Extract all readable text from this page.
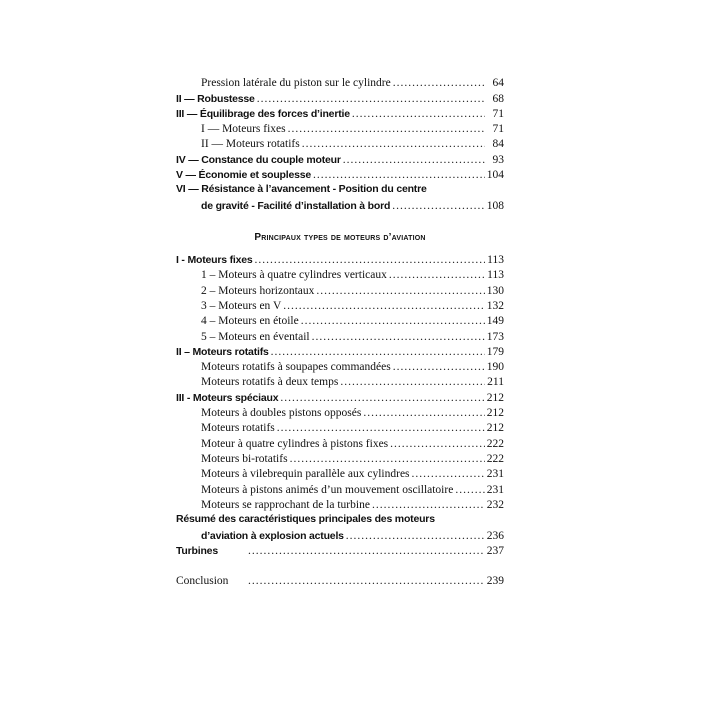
Pression latérale du piston sur le cylindre .....	64
II — Robustesse .....	68
III — Équilibrage des forces d’inertie .....	71
I — Moteurs fixes .....	71
II — Moteurs rotatifs .....	84
IV — Constance du couple moteur .....	93
V — Économie et souplesse .....	104
VI — Résistance à l’avancement - Position du centre
de gravité - Facilité d’installation à bord .....	108
Principaux types de moteurs d’aviation
I - Moteurs fixes .....	113
1 – Moteurs à quatre cylindres verticaux .....	113
2 – Moteurs horizontaux .....	130
3 – Moteurs en V .....	132
4 – Moteurs en étoile .....	149
5 – Moteurs en éventail .....	173
II – Moteurs rotatifs .....	179
Moteurs rotatifs à soupapes commandées .....	190
Moteurs rotatifs à deux temps .....	211
III - Moteurs spéciaux .....	212
Moteurs à doubles pistons opposés .....	212
Moteurs rotatifs .....	212
Moteur à quatre cylindres à pistons fixes .....	222
Moteurs bi-rotatifs .....	222
Moteurs à vilebrequin parallèle aux cylindres .....	231
Moteurs à pistons animés d’un mouvement oscillatoire .....	231
Moteurs se rapprochant de la turbine .....	232
Résumé des caractéristiques principales des moteurs
d’aviation à explosion actuels .....	236
Turbines .....	237
Conclusion .....	239
